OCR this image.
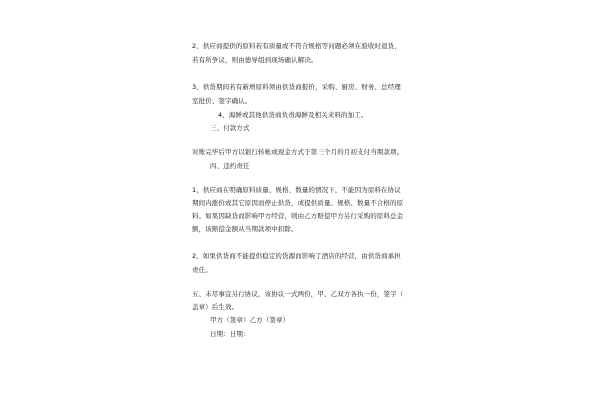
2、供应商提供的原料若有质量或不符合规格等问题必须在验收时退货，
若有所争议，则由德导组到现场确认解决。
3、供货期间若有新增原料须由供货商报价，采购、厨房、财务、总经理
室批价、签字确认。
4、海鲜或其他供货商负责海鲜及相关来料的加工。
三、付款方式
对账完毕后甲方以银行转帐或现金方式于第三个月的月初支付当期款项。
四、违约责任
1、供应商在明确原料质量、规格、数量的情况下，不能因为原料在协议
期间内涨价或其它原因而停止供货，或提供质量、规格、数量不合格的原
料。如果因缺货而影响甲方经营，则由乙方赔偿甲方另行采购的原料总金
额，该赔偿金额从当期款项中扣除。
2、如果供货商不能提供稳定的货源而影响了酒店的经营，由供货商承担
责任。
五、未尽事宜另行协议，该协议一式两份，甲、乙双方各执一份，签字（
盖章）后生效。
甲方（签章）乙方（签章）
日期：日期：
